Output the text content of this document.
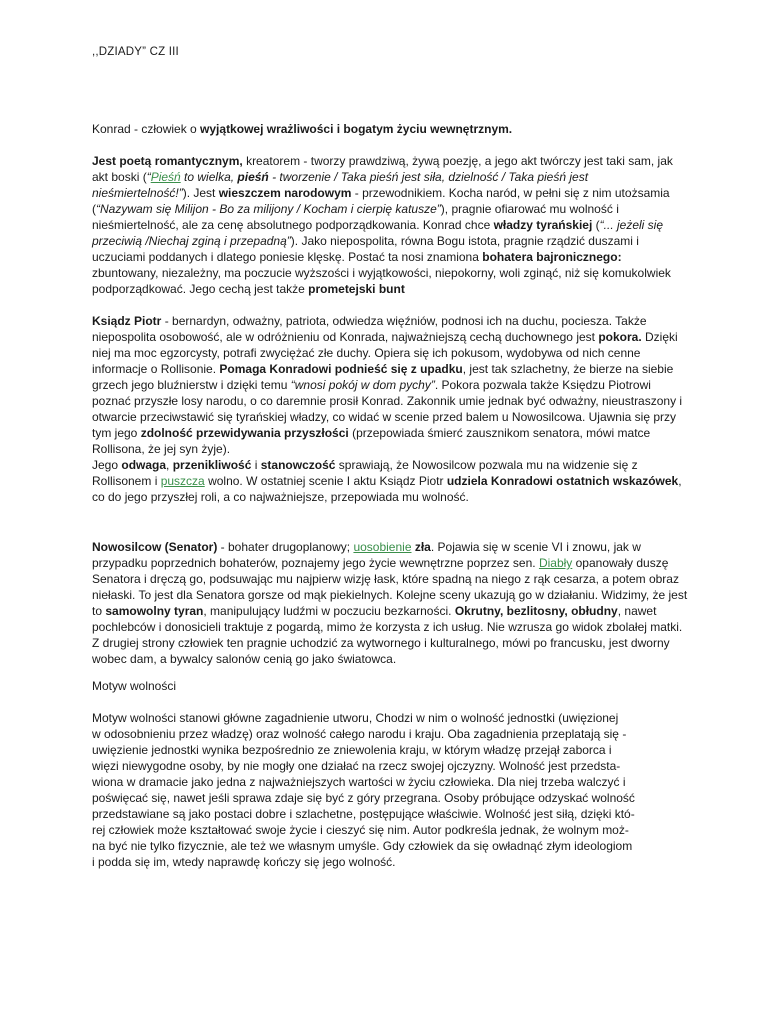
,,DZIADY” CZ III

Konrad - człowiek o wyjątkowej wrażliwości i bogatym życiu wewnętrznym.

Jest poetą romantycznym, kreatorem - tworzy prawdziwą, żywą poezję, a jego akt twórczy jest taki sam, jak akt boski (“Pieśń to wielka, pieśń - tworzenie / Taka pieśń jest siła, dzielność / Taka pieśń jest nieśmiertelność!”). Jest wieszczem narodowym - przewodnikiem. Kocha naród, w pełni się z nim utożsamia (“Nazywam się Milijon - Bo za milijony / Kocham i cierpię katusze”), pragnie ofiarować mu wolność i nieśmiertelność, ale za cenę absolutnego podporządkowania. Konrad chce władzy tyrańskiej (“... jeżeli się przeciwią /Niechaj zginą i przepadną”). Jako niepospolita, równa Bogu istota, pragnie rządzić duszami i uczuciami poddanych i dlatego poniesie klęskę. Postać ta nosi znamiona bohatera bajronicznego: zbuntowany, niezależny, ma poczucie wyższości i wyjątkowości, niepokorny, woli zginąć, niż się komukolwiek podporządkować. Jego cechą jest także prometejski bunt

Ksiądz Piotr - bernardyn, odważny, patriota, odwiedza więźniów, podnosi ich na duchu, pociesza. Także niepospolita osobowość, ale w odróżnieniu od Konrada, najważniejszą cechą duchownego jest pokora. Dzięki niej ma moc egzorcysty, potrafi zwyciężać złe duchy. Opiera się ich pokusom, wydobywa od nich cenne informacje o Rollisonie. Pomaga Konradowi podnieść się z upadku, jest tak szlachetny, że bierze na siebie grzech jego bluźnierstw i dzięki temu “wnosi pokój w dom pychy”. Pokora pozwala także Księdzu Piotrowi poznać przyszłe losy narodu, o co daremnie prosił Konrad. Zakonnik umie jednak być odważny, nieustraszony i otwarcie przeciwstawić się tyrańskiej władzy, co widać w scenie przed balem u Nowosilcowa. Ujawnia się przy tym jego zdolność przewidywania przyszłości (przepowiada śmierć zausznikom senatora, mówi matce Rollisona, że jej syn żyje).
Jego odwaga, przenikliwość i stanowczość sprawiają, że Nowosilcow pozwala mu na widzenie się z Rollisonem i puszcza wolno. W ostatniej scenie I aktu Ksiądz Piotr udziela Konradowi ostatnich wskazówek, co do jego przyszłej roli, a co najważniejsze, przepowiada mu wolność.

Nowosilcow (Senator) - bohater drugoplanowy; uosobienie zła. Pojawia się w scenie VI i znowu, jak w przypadku poprzednich bohaterów, poznajemy jego życie wewnętrzne poprzez sen. Diabły opanowały duszę Senatora i dręczą go, podsuwając mu najpierw wizję łask, które spadną na niego z rąk cesarza, a potem obraz niełaski. To jest dla Senatora gorsze od mąk piekielnych. Kolejne sceny ukazują go w działaniu. Widzimy, że jest to samowolny tyran, manipulujący ludźmi w poczuciu bezkarności. Okrutny, bezlitosny, obłudny, nawet pochlebców i donosicieli traktuje z pogardą, mimo że korzysta z ich usług. Nie wzrusza go widok zbolałej matki. Z drugiej strony człowiek ten pragnie uchodzić za wytwornego i kulturalnego, mówi po francusku, jest dworny wobec dam, a bywalcy salonów cenią go jako światowca.

Motyw wolności

Motyw wolności stanowi główne zagadnienie utworu, Chodzi w nim o wolność jednostki (uwięzionej
w odosobnieniu przez władzę) oraz wolność całego narodu i kraju. Oba zagadnienia przeplatają się -
uwięzienie jednostki wynika bezpośrednio ze zniewolenia kraju, w którym władzę przejął zaborca i
więzi niewygodne osoby, by nie mogły one działać na rzecz swojej ojczyzny. Wolność jest przedsta-
wiona w dramacie jako jedna z najważniejszych wartości w życiu człowieka. Dla niej trzeba walczyć i
poświęcać się, nawet jeśli sprawa zdaje się być z góry przegrana. Osoby próbujące odzyskać wolność
przedstawiane są jako postaci dobre i szlachetne, postępujące właściwie. Wolność jest siłą, dzięki któ-
rej człowiek może kształtować swoje życie i cieszyć się nim. Autor podkreśla jednak, że wolnym moż-
na być nie tylko fizycznie, ale też we własnym umyśle. Gdy człowiek da się owładnąć złym ideologiom
i podda się im, wtedy naprawdę kończy się jego wolność.
